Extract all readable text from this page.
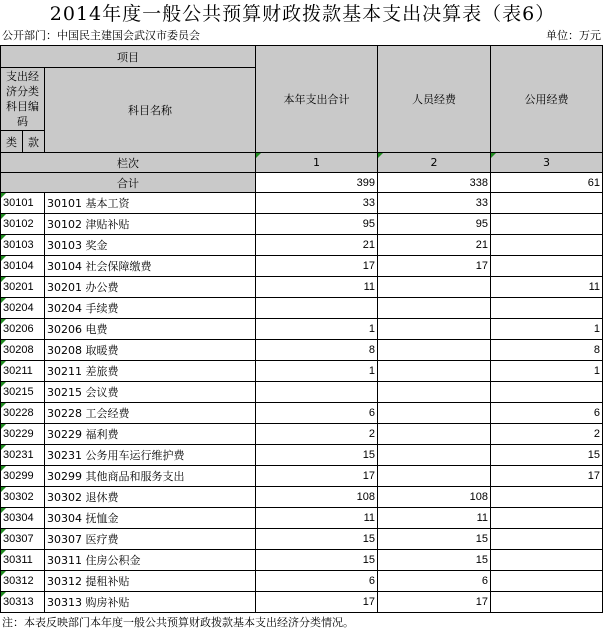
2014年度一般公共预算财政拨款基本支出决算表（表6）
公开部门：中国民主建国会武汉市委员会	单位：万元
项目			本年支出合计	人员经费	公用经费
支出经济分类科目编码		科目名称			
类	款				

栏次			1	2	3
合计			399	338	61
30101		30101 基本工资	33	33	
30102		30102 津贴补贴	95	95	
30103		30103 奖金	21	21	
30104		30104 社会保障缴费	17	17	
30201		30201 办公费	11		11
30204		30204 手续费			
30206		30206 电费	1		1
30208		30208 取暖费	8		8
30211		30211 差旅费	1		1
30215		30215 会议费			
30228		30228 工会经费	6		6
30229		30229 福利费	2		2
30231		30231 公务用车运行维护费	15		15
30299		30299 其他商品和服务支出	17		17
30302		30302 退休费	108	108	
30304		30304 抚恤金	11	11	
30307		30307 医疗费	15	15	
30311		30311 住房公积金	15	15	
30312		30312 提租补贴	6	6	
30313		30313 购房补贴	17	17	
注：本表反映部门本年度一般公共预算财政拨款基本支出经济分类情况。
